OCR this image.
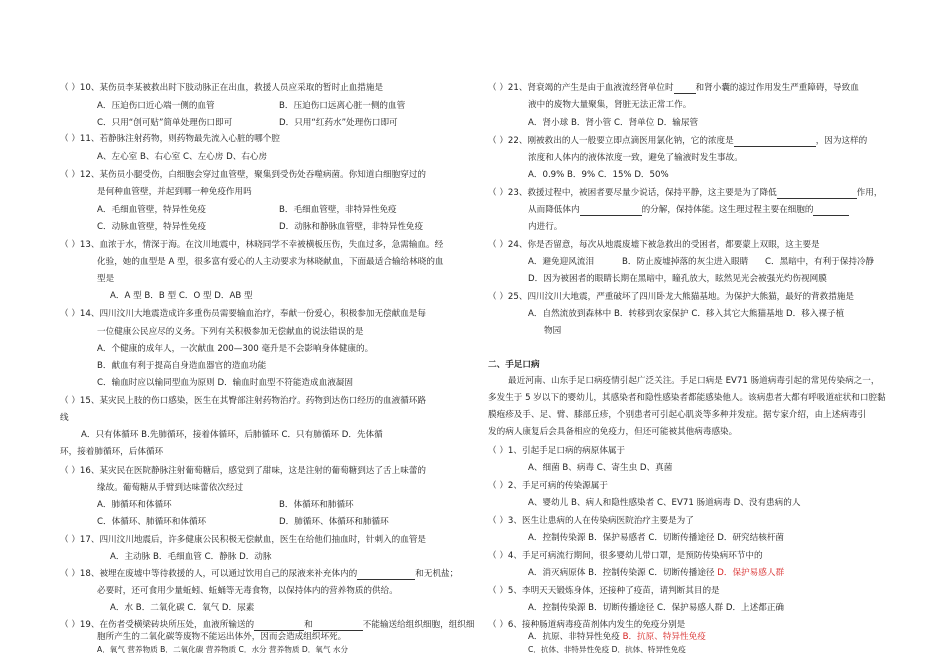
（ ）10、某伤员李某被救出时下肢动脉正在出血，救援人员应采取的暂时止血措施是
A．压迫伤口近心端一侧的血管	B．压迫伤口远离心脏一侧的血管
C．只用“创可贴”简单处理伤口即可	D．只用“红药水”处理伤口即可
（ ）11、若静脉注射药物，则药物最先流入心脏的哪个腔
A、左心室 B、右心室 C、左心房 D、右心房
（ ）12、某伤员小腿受伤，白细胞会穿过血管壁，聚集到受伤处吞噬病菌。你知道白细胞穿过的
是何种血管壁，并起到哪一种免疫作用吗
A．毛细血管壁，特异性免疫	B．毛细血管壁，非特异性免疫
C．动脉血管壁，特异性免疫	D．动脉和静脉血管壁，非特异性免疫
（ ）13、血浓于水，情深于海。在汶川地震中，林晓同学不幸被横板压伤，失血过多，急需输血。经
化验，她的血型是 A 型，很多富有爱心的人主动要求为林晓献血，下面最适合输给林晓的血
型是
A．A 型 B．B 型 C．O 型 D．AB 型
（ ）14、四川汶川大地震造成许多重伤员需要输血治疗，奉献一份爱心，积极参加无偿献血是每
一位健康公民应尽的义务。下列有关积极参加无偿献血的说法错误的是
A．个健康的成年人，一次献血 200—300 毫升是不会影响身体健康的。
B．献血有利于提高自身造血器官的造血功能
C．输血时应以输同型血为原则 D．输血时血型不符能造成血液凝固
（ ）15、某灾民上肢的伤口感染，医生在其臀部注射药物治疗。药物到达伤口经历的血液循环路
线
A．只有体循环 B.先肺循环，接着体循环，后肺循环 C．只有肺循环 D．先体循
环，接着肺循环，后体循环
（ ）16、某灾民在医院静脉注射葡萄糖后，感觉到了甜味，这是注射的葡萄糖到达了舌上味蕾的
缘故。葡萄糖从手臂到达味蕾依次经过
A．肺循环和体循环	B．体循环和肺循环
C．体循环、肺循环和体循环	D．肺循环、体循环和肺循环
（ ）17、四川汶川地震后，许多健康公民积极无偿献血，医生在给他们抽血时，针刺入的血管是
A．主动脉 B．毛细血管 C．静脉 D．动脉
（ ）18、被埋在废墟中等待救援的人，可以通过饮用自己的尿液来补充体内的	和无机盐；
必要时，还可食用少量蚯蚓、蚯蛹等无毒食物，以保持体内的营养物质的供给。
A．水 B．二氧化碳 C．氧气 D．尿素
（ ）21、肾衰竭的产生是由于血液流经肾单位时	和肾小囊的滤过作用发生严重障碍，导致血
液中的废物大量聚集，肾脏无法正常工作。
A．肾小球 B．肾小管 C．肾单位 D．输尿管
（ ）22、刚被救出的人一般要立即点滴医用氯化钠，它的浓度是	，因为这样的
浓度和人体内的液体浓度一致，避免了输液时发生事故。
A．0.9% B．9% C．15% D．50%
（ ）23、救援过程中，被困者要尽量少说话，保持平静，这主要是为了降低	作用，
从而降低体内	的分解，保持体能。这生理过程主要在细胞的
内进行。
（ ）24、你是否留意，每次从地震废墟下被急救出的受困者，都要蒙上双眼，这主要是
A．避免迎风流泪	B．防止废墟掉落的灰尘进入眼睛 C．黑暗中，有利于保持冷静
D．因为被困者的眼睛长期在黑暗中，瞳孔放大，眩然见光会被强光灼伤视网膜
（ ）25、四川汶川大地震，严重破坏了四川卧龙大熊猫基地。为保护大熊猫，最好的背救措施是
A．自然流放到森林中 B．转移到农家保护 C．移入其它大熊猫基地 D．移入裸子植
物园
二、手足口病
最近河南、山东手足口病疫情引起广泛关注。手足口病是 EV71 肠道病毒引起的常见传染病之一，
多发生于 5 岁以下的婴幼儿，其感染者和隐性感染者都能感染他人。该病患者大都有呼吸道症状和口腔黏
膜疱疹及手、足、臂、膝部丘疹，个别患者可引起心肌炎等多种并发症。据专家介绍，由上述病毒引
发的病人康复后会具备相应的免疫力，但还可能被其他病毒感染。
（ ）1、引起手足口病的病原体属于
A、细菌 B、病毒 C、寄生虫 D、真菌
（ ）2、手足可病的传染源属于
A、婴幼儿 B、病人和隐性感染者 C、EV71 肠道病毒 D、没有患病的人
（ ）3、医生让患病的人在传染病医院治疗主要是为了
A．控制传染源 B．保护易感者 C．切断传播途径 D．研究结核杆菌
（ ）4、手足可病流行期间，很多婴幼儿带口罩，是预防传染病环节中的
A．消灭病原体 B．控制传染源 C．切断传播途径 D．保护易感人群
（ ）5、李明天天锻炼身体，还接种了疫苗，请判断其目的是
A．控制传染源 B．切断传播途径 C．保护易感人群 D．上述都正确
（ ）19、在伤者受横梁砖块所压处，血液所输送的	和	不能输送给组织细胞，组织细
胞所产生的二氧化碳等废物不能运出体外，因而会造成组织坏死。
A．氧气 营养物质 B．二氧化碳 营养物质 C．水分 营养物质 D．氧气 水分
（ ）6、接种肠道病毒疫苗剂体内发生的免疫分别是
A．抗原、非特异性免疫 B．抗原、特异性免疫
C．抗体、非特异性免疫 D．抗体、特异性免疫
